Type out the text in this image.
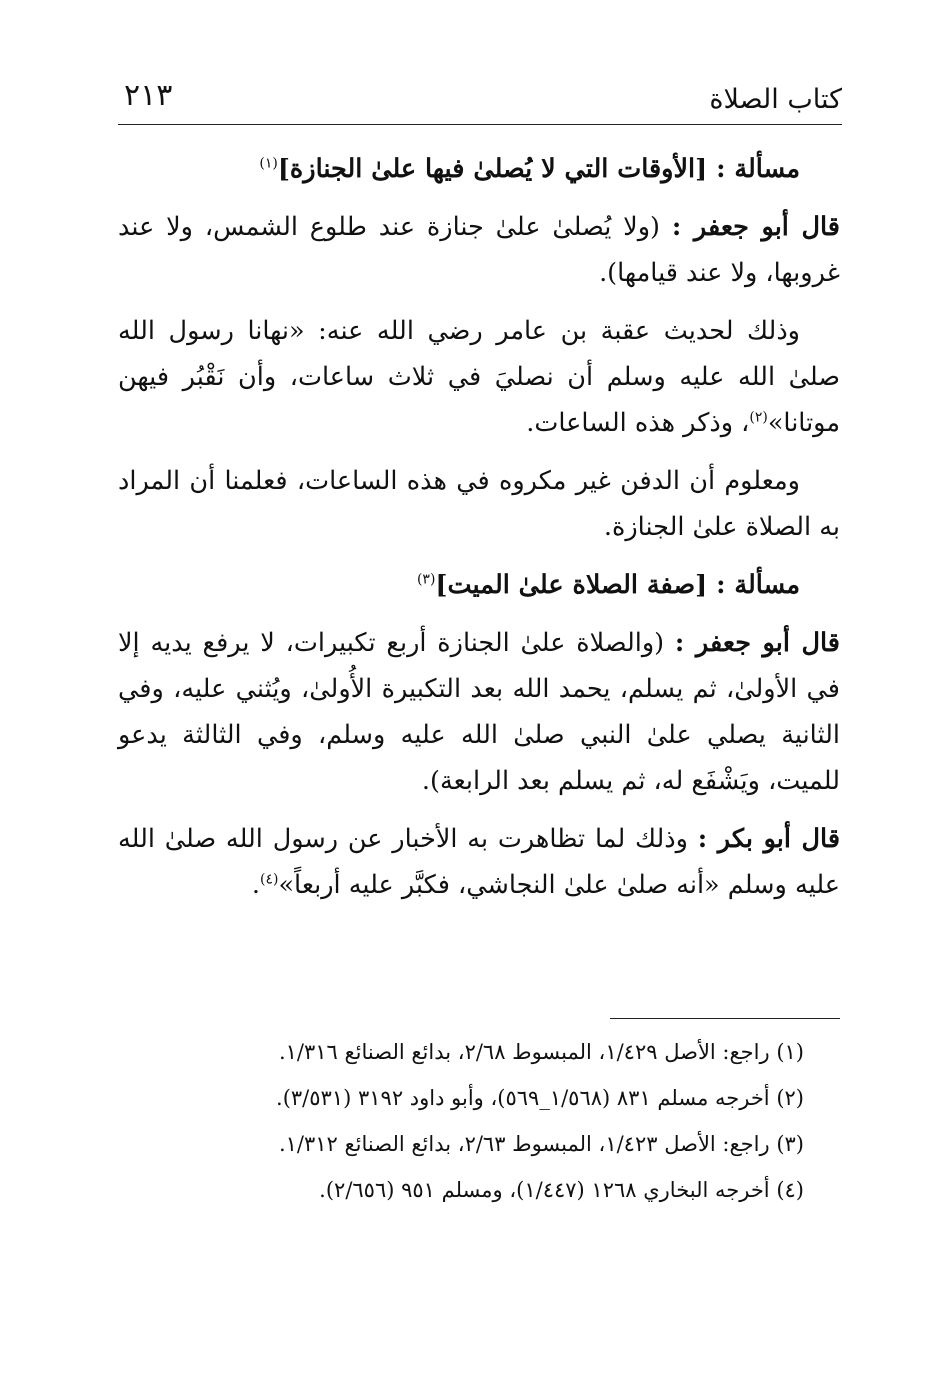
كتاب الصلاة
٢١٣

مسألة : [الأوقات التي لا يُصلىٰ فيها علىٰ الجنازة]$^{(١)}$

قال أبو جعفر : (ولا يُصلىٰ علىٰ جنازة عند طلوع الشمس، ولا عند غروبها، ولا عند قيامها).

وذلك لحديث عقبة بن عامر رضي الله عنه: «نهانا رسول الله صلىٰ الله عليه وسلم أن نصليَ في ثلاث ساعات، وأن نَقْبُر فيهن موتانا»$^{(٢)}$، وذكر هذه الساعات.

ومعلوم أن الدفن غير مكروه في هذه الساعات، فعلمنا أن المراد به الصلاة علىٰ الجنازة.

مسألة : [صفة الصلاة علىٰ الميت]$^{(٣)}$

قال أبو جعفر : (والصلاة علىٰ الجنازة أربع تكبيرات، لا يرفع يديه إلا في الأولىٰ، ثم يسلم، يحمد الله بعد التكبيرة الأُولىٰ، ويُثني عليه، وفي الثانية يصلي علىٰ النبي صلىٰ الله عليه وسلم، وفي الثالثة يدعو للميت، ويَشْفَع له، ثم يسلم بعد الرابعة).

قال أبو بكر : وذلك لما تظاهرت به الأخبار عن رسول الله صلىٰ الله عليه وسلم «أنه صلىٰ علىٰ النجاشي، فكبَّر عليه أربعاً»$^{(٤)}$.

(١) راجع: الأصل ١/٤٢٩، المبسوط ٢/٦٨، بدائع الصنائع ١/٣١٦.
(٢) أخرجه مسلم ٨٣١ (١/٥٦٨_٥٦٩)، وأبو داود ٣١٩٢ (٣/٥٣١).
(٣) راجع: الأصل ١/٤٢٣، المبسوط ٢/٦٣، بدائع الصنائع ١/٣١٢.
(٤) أخرجه البخاري ١٢٦٨ (١/٤٤٧)، ومسلم ٩٥١ (٢/٦٥٦).
